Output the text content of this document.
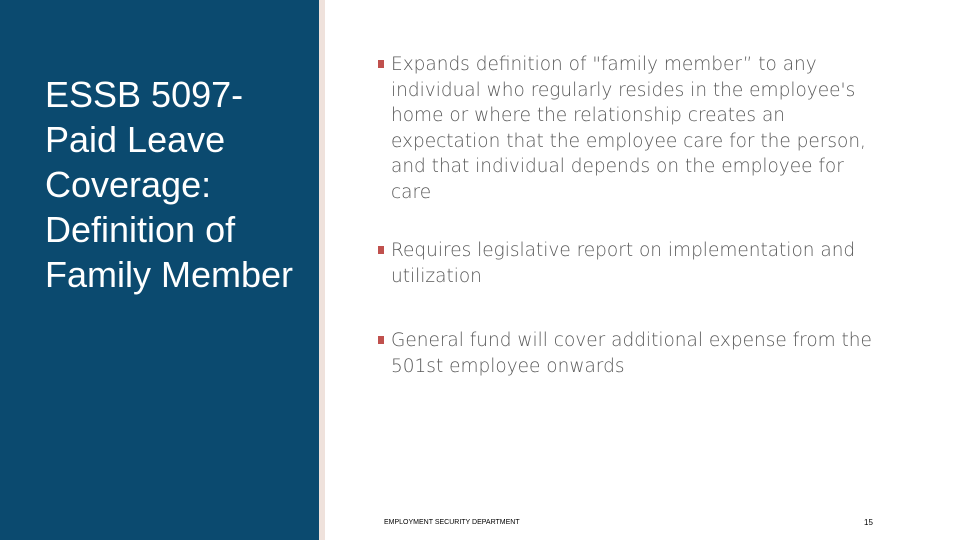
ESSB 5097- Paid Leave Coverage: Definition of Family Member
Expands definition of "family member” to any individual who regularly resides in the employee's home or where the relationship creates an expectation that the employee care for the person, and that individual depends on the employee for care
Requires legislative report on implementation and utilization
General fund will cover additional expense from the 501st employee onwards
EMPLOYMENT SECURITY DEPARTMENT	15
